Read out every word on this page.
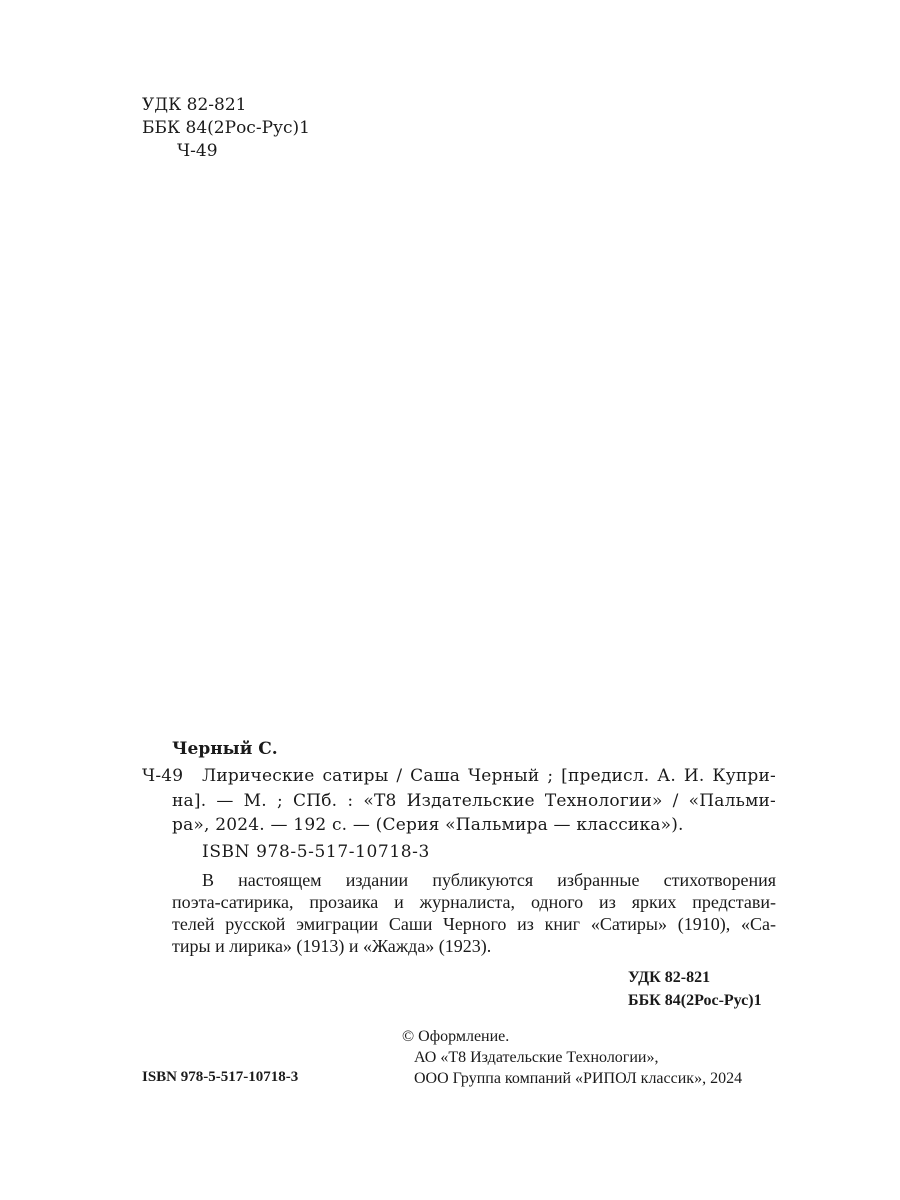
УДК 82-821
ББК 84(2Рос-Рус)1
Ч-49
Черный С.
Ч-49 Лирические сатиры / Саша Черный ; [предисл. А. И. Купри-
на]. — М. ; СПб. : «Т8 Издательские Технологии» / «Пальми-
ра», 2024. — 192 с. — (Серия «Пальмира — классика»).
ISBN 978-5-517-10718-3
В настоящем издании публикуются избранные стихотворения
поэта-сатирика, прозаика и журналиста, одного из ярких представи-
телей русской эмиграции Саши Черного из книг «Сатиры» (1910), «Са-
тиры и лирика» (1913) и «Жажда» (1923).
УДК 82-821
ББК 84(2Рос-Рус)1
© Оформление.
АО «Т8 Издательские Технологии»,
ООО Группа компаний «РИПОЛ классик», 2024
ISBN 978-5-517-10718-3
